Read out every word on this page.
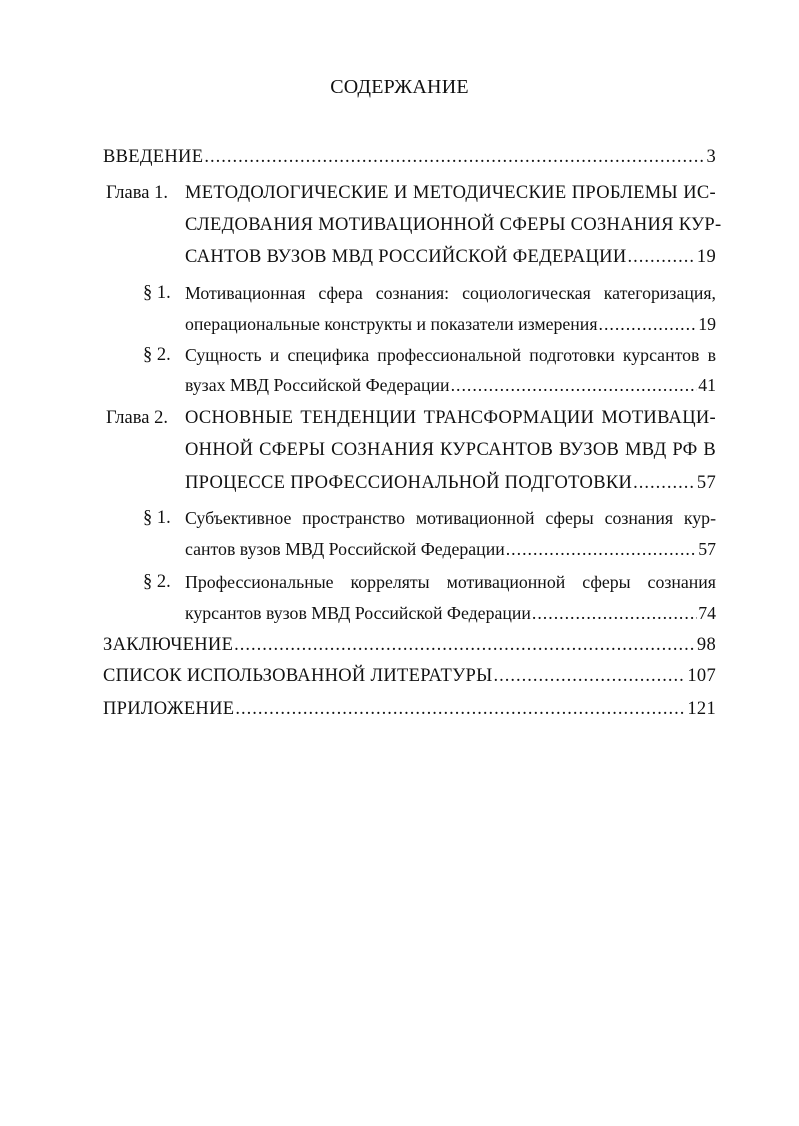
СОДЕРЖАНИЕ
ВВЕДЕНИЕ .....	3
Глава 1. МЕТОДОЛОГИЧЕСКИЕ И МЕТОДИЧЕСКИЕ ПРОБЛЕМЫ ИС-
СЛЕДОВАНИЯ МОТИВАЦИОННОЙ СФЕРЫ СОЗНАНИЯ КУР-
САНТОВ ВУЗОВ МВД РОССИЙСКОЙ ФЕДЕРАЦИИ .....	19
§ 1. Мотивационная сфера сознания: социологическая категоризация,
операциональные конструкты и показатели измерения .....	19
§ 2. Сущность и специфика профессиональной подготовки курсантов в
вузах МВД Российской Федерации .....	41
Глава 2. ОСНОВНЫЕ ТЕНДЕНЦИИ ТРАНСФОРМАЦИИ МОТИВАЦИ-
ОННОЙ СФЕРЫ СОЗНАНИЯ КУРСАНТОВ ВУЗОВ МВД РФ В
ПРОЦЕССЕ ПРОФЕССИОНАЛЬНОЙ ПОДГОТОВКИ .....	57
§ 1. Субъективное пространство мотивационной сферы сознания кур-
сантов вузов МВД Российской Федерации .....	57
§ 2. Профессиональные корреляты мотивационной сферы сознания
курсантов вузов МВД Российской Федерации .....	74
ЗАКЛЮЧЕНИЕ .....	98
СПИСОК ИСПОЛЬЗОВАННОЙ ЛИТЕРАТУРЫ .....	107
ПРИЛОЖЕНИЕ .....	121
